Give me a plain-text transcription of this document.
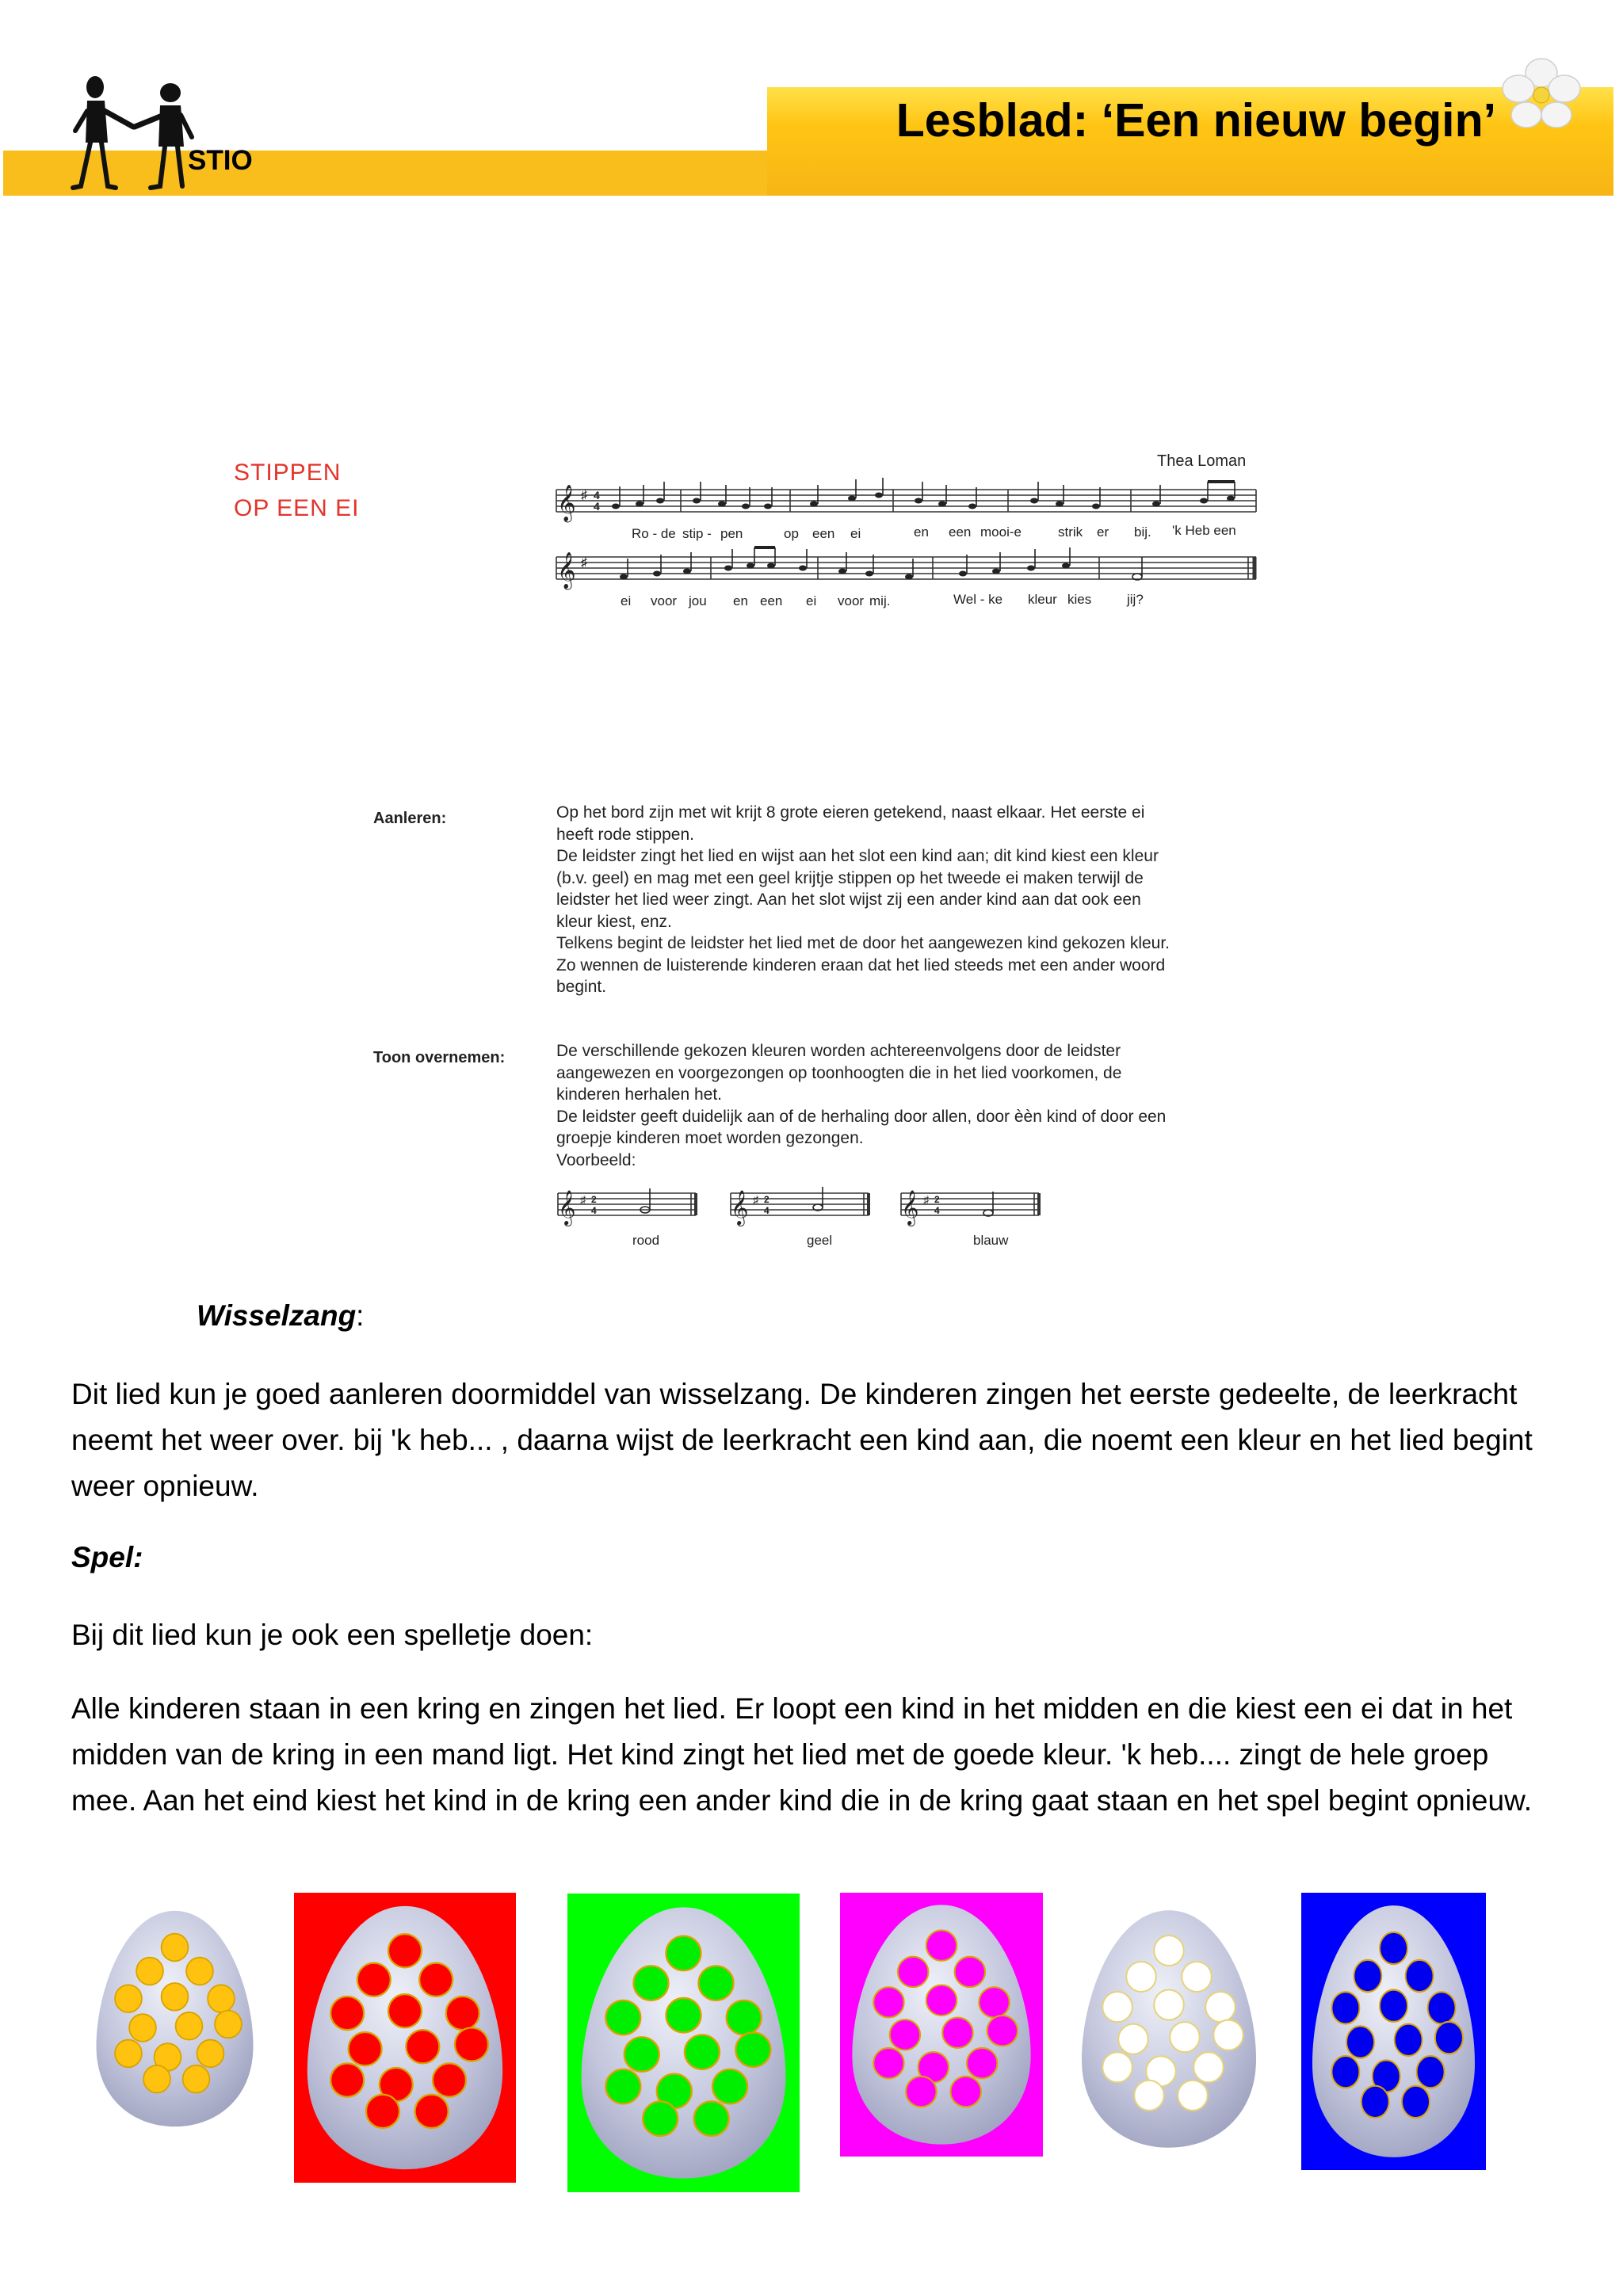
STIO
Lesblad: ‘Een nieuw begin’
STIPPEN
OP EEN EI
Thea Loman
𝄞 ♯ 4
4
Ro - de stip - pen	op een ei	en een mooi-e	strik er bij. 'k Heb een
𝄞 ♯
ei voor jou en een ei voor mij.	Wel - ke kleur kies	jij?
Aanleren:	Op het bord zijn met wit krijt 8 grote eieren getekend, naast elkaar. Het eerste ei
heeft rode stippen.
De leidster zingt het lied en wijst aan het slot een kind aan; dit kind kiest een kleur
(b.v. geel) en mag met een geel krijtje stippen op het tweede ei maken terwijl de
leidster het lied weer zingt. Aan het slot wijst zij een ander kind aan dat ook een
kleur kiest, enz.
Telkens begint de leidster het lied met de door het aangewezen kind gekozen kleur.
Zo wennen de luisterende kinderen eraan dat het lied steeds met een ander woord
begint.
Toon overnemen:	De verschillende gekozen kleuren worden achtereenvolgens door de leidster
aangewezen en voorgezongen op toonhoogten die in het lied voorkomen, de
kinderen herhalen het.
De leidster geeft duidelijk aan of de herhaling door allen, door èèn kind of door een
groepje kinderen moet worden gezongen.
Voorbeeld:
𝄞 ♯ 2
4
rood
𝄞 ♯ 2
4
geel
𝄞 ♯ 2
4
blauw
Wisselzang:
Dit lied kun je goed aanleren doormiddel van wisselzang. De kinderen zingen het eerste gedeelte, de leerkracht neemt het weer over. bij 'k heb... , daarna wijst de leerkracht een kind aan, die noemt een kleur en het lied begint weer opnieuw.
Spel:
Bij dit lied kun je ook een spelletje doen:
Alle kinderen staan in een kring en zingen het lied. Er loopt een kind in het midden en die kiest een ei dat in het midden van de kring in een mand ligt. Het kind zingt het lied met de goede kleur. 'k heb.... zingt de hele groep mee. Aan het eind kiest het kind in de kring een ander kind die in de kring gaat staan en het spel begint opnieuw.
